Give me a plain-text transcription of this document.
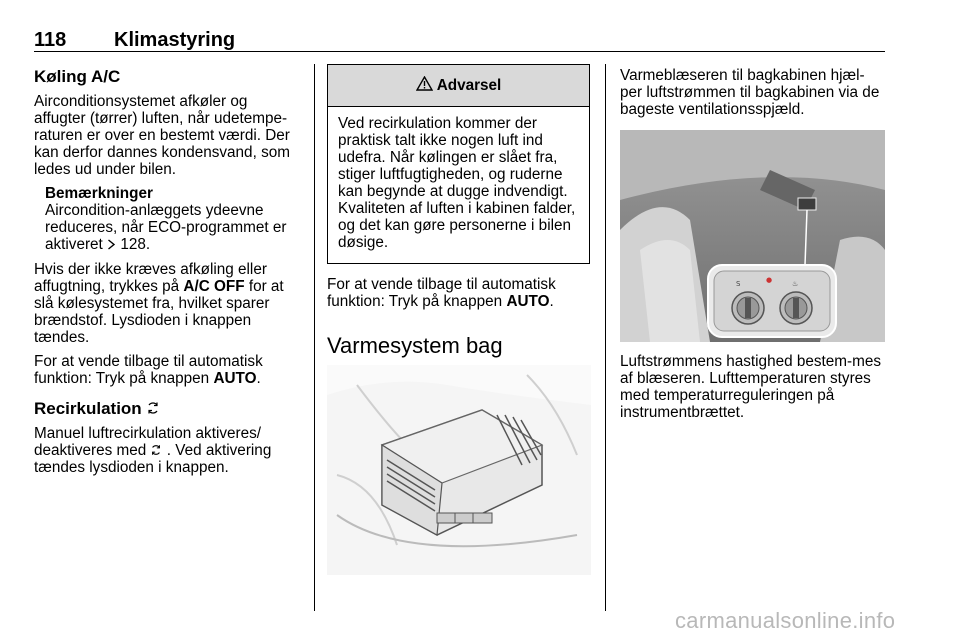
118 Klimastyring
Køling A/C

Airconditionsystemet afkøler og affugter (tørrer) luften, når udetempe-raturen er over en bestemt værdi. Der kan derfor dannes kondensvand, som ledes ud under bilen.

Bemærkninger
Aircondition-anlæggets ydeevne reduceres, når ECO-programmet er aktiveret 128.

Hvis der ikke kræves afkøling eller affugtning, trykkes på A/C OFF for at slå kølesystemet fra, hvilket sparer brændstof. Lysdioden i knappen tændes.

For at vende tilbage til automatisk funktion: Tryk på knappen AUTO.

Recirkulation

Manuel luftrecirkulation aktiveres/ deaktiveres med . Ved aktivering tændes lysdioden i knappen.

Advarsel
Ved recirkulation kommer der praktisk talt ikke nogen luft ind udefra. Når kølingen er slået fra, stiger luftfugtigheden, og ruderne kan begynde at dugge indvendigt. Kvaliteten af luften i kabinen falder, og det kan gøre personerne i bilen døsige.

For at vende tilbage til automatisk funktion: Tryk på knappen AUTO.

Varmesystem bag

Varmeblæseren til bagkabinen hjæl-per luftstrømmen til bagkabinen via de bageste ventilationsspjæld.

S	●	♨

Luftstrømmens hastighed bestem-mes af blæseren. Lufttemperaturen styres med temperaturreguleringen på instrumentbrættet.

carmanualsonline.info
